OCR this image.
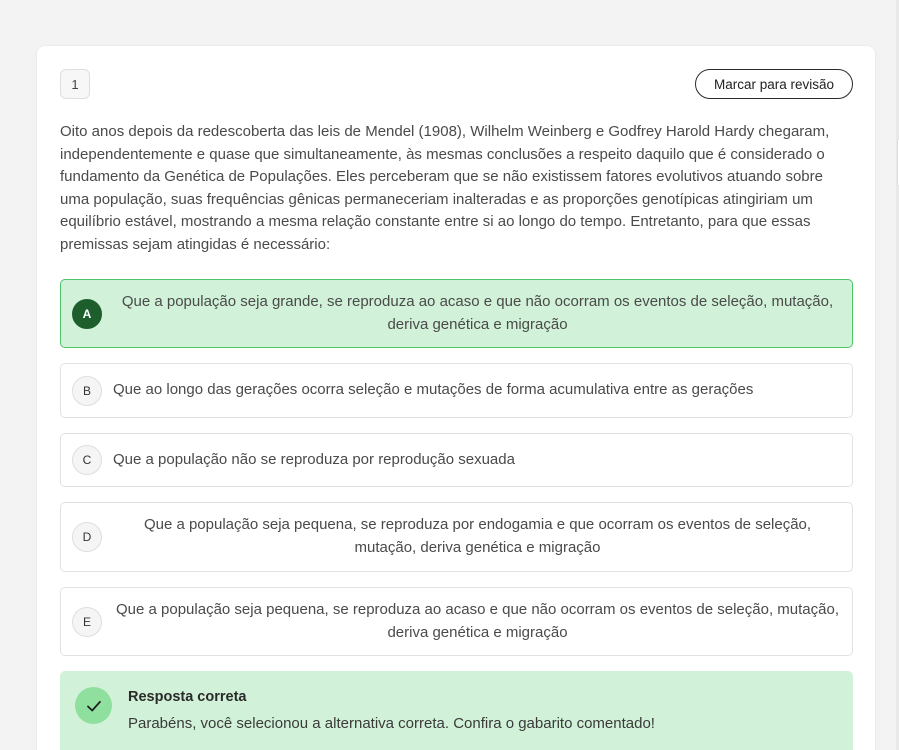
1	Marcar para revisão

Oito anos depois da redescoberta das leis de Mendel (1908), Wilhelm Weinberg e Godfrey Harold Hardy chegaram, independentemente e quase que simultaneamente, às mesmas conclusões a respeito daquilo que é considerado o fundamento da Genética de Populações. Eles perceberam que se não existissem fatores evolutivos atuando sobre uma população, suas frequências gênicas permaneceriam inalteradas e as proporções genotípicas atingiriam um equilíbrio estável, mostrando a mesma relação constante entre si ao longo do tempo. Entretanto, para que essas premissas sejam atingidas é necessário:

A
Que a população seja grande, se reproduza ao acaso e que não ocorram os eventos de seleção, mutação, deriva genética e migração
B	Que ao longo das gerações ocorra seleção e mutações de forma acumulativa entre as gerações
C	Que a população não se reproduza por reprodução sexuada
D
Que a população seja pequena, se reproduza por endogamia e que ocorram os eventos de seleção, mutação, deriva genética e migração
E
Que a população seja pequena, se reproduza ao acaso e que não ocorram os eventos de seleção, mutação, deriva genética e migração
Resposta correta
Parabéns, você selecionou a alternativa correta. Confira o gabarito comentado!
